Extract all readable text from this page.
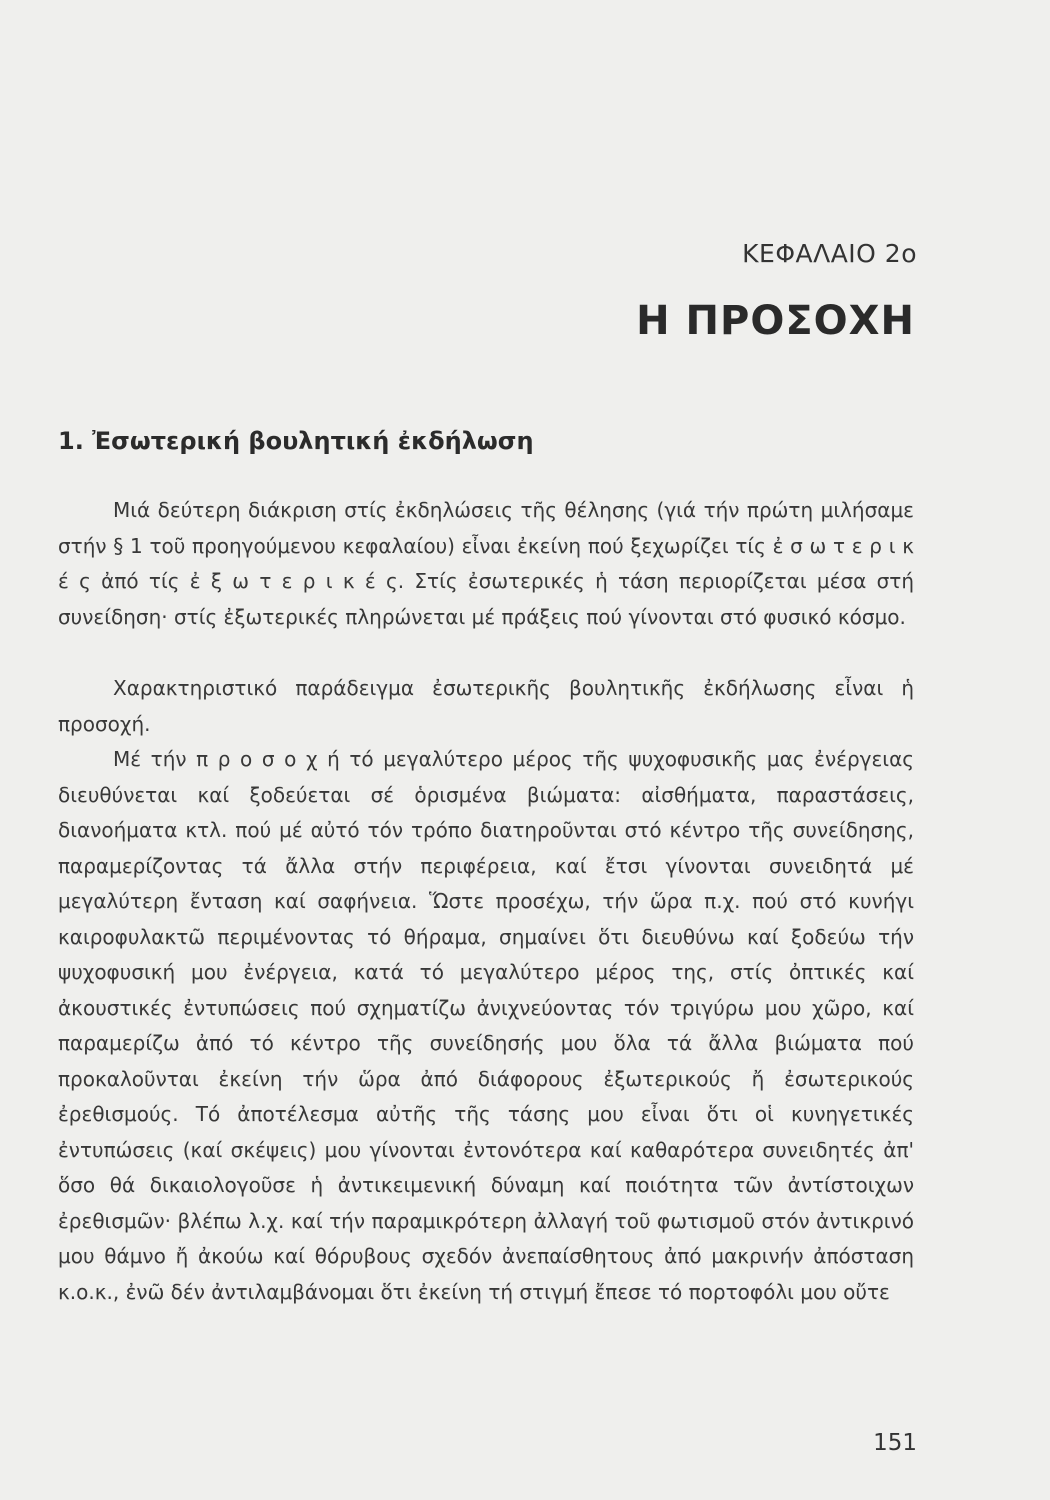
ΚΕΦΑΛΑΙΟ 2ο
Η ΠΡΟΣΟΧΗ
1. Ἐσωτερική βουλητική ἐκδήλωση

Μιά δεύτερη διάκριση στίς ἐκδηλώσεις τῆς θέλησης (γιά τήν πρώτη μιλήσαμε στήν § 1 τοῦ προηγούμενου κεφαλαίου) εἶναι ἐκείνη πού ξεχωρίζει τίς ἐ σ ω τ ε ρ ι κ έ ς ἀπό τίς ἐ ξ ω τ ε ρ ι κ έ ς. Στίς ἐσωτερικές ἡ τάση περιορίζεται μέσα στή συνείδηση· στίς ἐξωτερικές πληρώνεται μέ πράξεις πού γίνονται στό φυσικό κόσμο.

Χαρακτηριστικό παράδειγμα ἐσωτερικῆς βουλητικῆς ἐκδήλωσης εἶναι ἡ προσοχή.

Μέ τήν π ρ ο σ ο χ ή τό μεγαλύτερο μέρος τῆς ψυχοφυσικῆς μας ἐνέργειας διευθύνεται καί ξοδεύεται σέ ὁρισμένα βιώματα: αἰσθήματα, παραστάσεις, διανοήματα κτλ. πού μέ αὐτό τόν τρόπο διατηροῦνται στό κέντρο τῆς συνείδησης, παραμερίζοντας τά ἄλλα στήν περιφέρεια, καί ἔτσι γίνονται συνειδητά μέ μεγαλύτερη ἔνταση καί σαφήνεια. Ὥστε προσέχω, τήν ὥρα π.χ. πού στό κυνήγι καιροφυλακτῶ περιμένοντας τό θήραμα, σημαίνει ὅτι διευθύνω καί ξοδεύω τήν ψυχοφυσική μου ἐνέργεια, κατά τό μεγαλύτερο μέρος της, στίς ὀπτικές καί ἀκουστικές ἐντυπώσεις πού σχηματίζω ἀνιχνεύοντας τόν τριγύρω μου χῶρο, καί παραμερίζω ἀπό τό κέντρο τῆς συνείδησής μου ὅλα τά ἄλλα βιώματα πού προκαλοῦνται ἐκείνη τήν ὥρα ἀπό διάφορους ἐξωτερικούς ἤ ἐσωτερικούς ἐρεθισμούς. Τό ἀποτέλεσμα αὐτῆς τῆς τάσης μου εἶναι ὅτι οἱ κυνηγετικές ἐντυπώσεις (καί σκέψεις) μου γίνονται ἐντονότερα καί καθαρότερα συνειδητές ἀπ' ὅσο θά δικαιολογοῦσε ἡ ἀντικειμενική δύναμη καί ποιότητα τῶν ἀντίστοιχων ἐρεθισμῶν· βλέπω λ.χ. καί τήν παραμικρότερη ἀλλαγή τοῦ φωτισμοῦ στόν ἀντικρινό μου θάμνο ἤ ἀκούω καί θόρυβους σχεδόν ἀνεπαίσθητους ἀπό μακρινήν ἀπόσταση κ.ο.κ., ἐνῶ δέν ἀντιλαμβάνομαι ὅτι ἐκείνη τή στιγμή ἔπεσε τό πορτοφόλι μου οὔτε

151
